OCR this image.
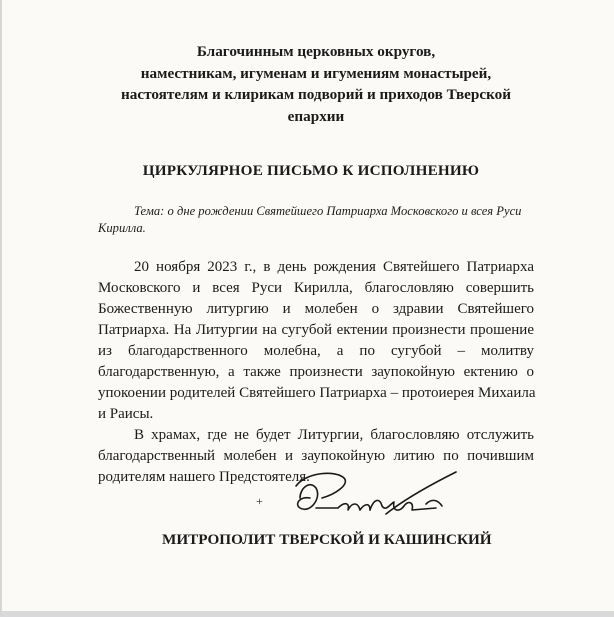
Благочинным церковных округов,
наместникам, игуменам и игумениям монастырей,
настоятелям и клирикам подворий и приходов Тверской
епархии
ЦИРКУЛЯРНОЕ ПИСЬМО К ИСПОЛНЕНИЮ
Тема: о дне рождении Святейшего Патриарха Московского и всея Руси
Кирилла.
20 ноября 2023 г., в день рождения Святейшего Патриарха
Московского и всея Руси Кирилла, благословляю совершить
Божественную литургию и молебен о здравии Святейшего
Патриарха. На Литургии на сугубой ектении произнести прошение
из благодарственного молебна, а по сугубой – молитву
благодарственную, а также произнести заупокойную ектению о
упокоении родителей Святейшего Патриарха – протоиерея Михаила
и Раисы.
В храмах, где не будет Литургии, благословляю отслужить
благодарственный молебен и заупокойную литию по почившим
родителям нашего Предстоятеля.
+
МИТРОПОЛИТ ТВЕРСКОЙ И КАШИНСКИЙ
